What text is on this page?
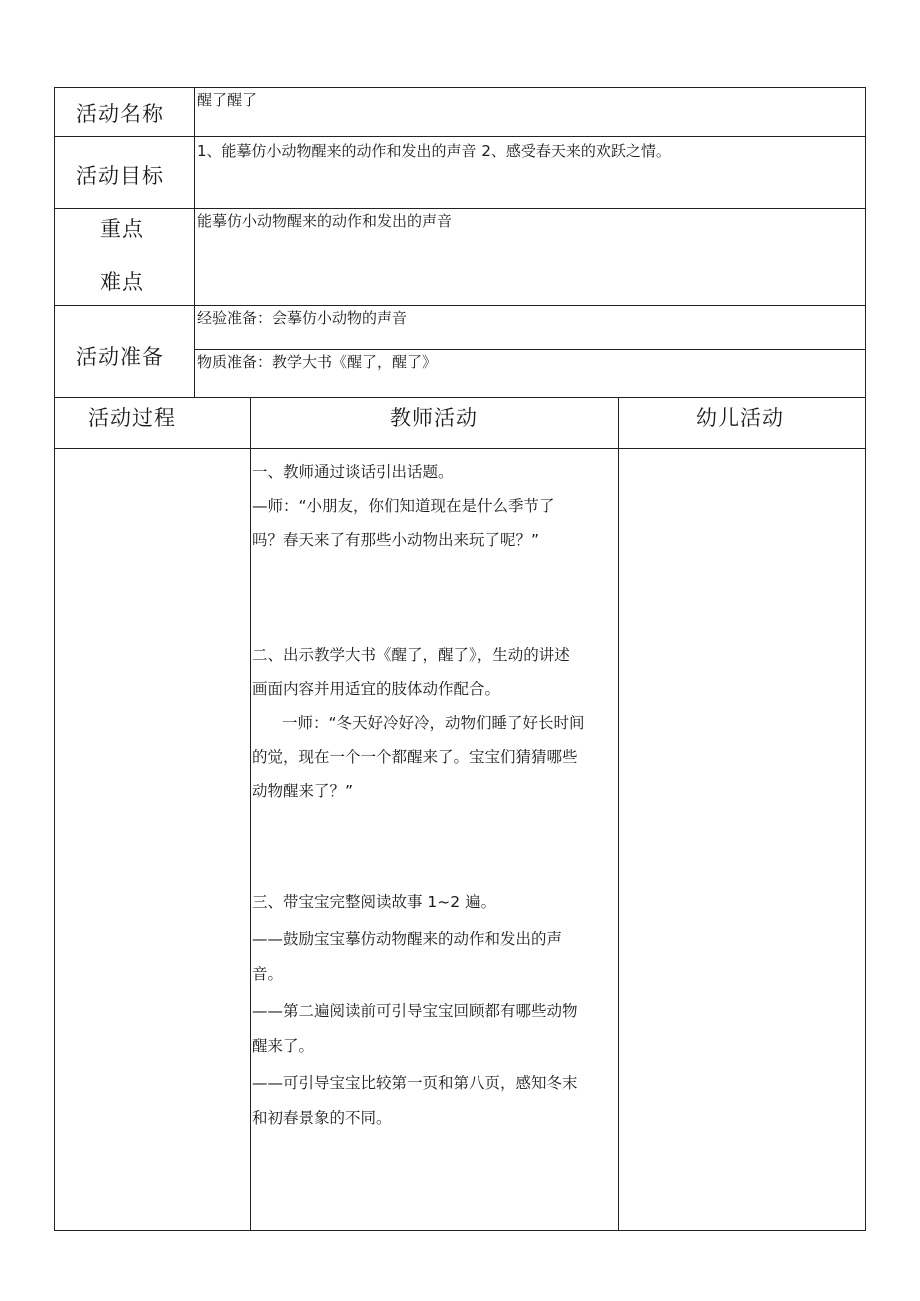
活动名称
醒了醒了
活动目标
1、能摹仿小动物醒来的动作和发出的声音 2、感受春天来的欢跃之情。
重点
难点
能摹仿小动物醒来的动作和发出的声音
活动准备
经验准备：会摹仿小动物的声音
物质准备：教学大书《醒了，醒了》
活动过程	教师活动	幼儿活动
一、教师通过谈话引出话题。
—师：“小朋友，你们知道现在是什么季节了
吗？春天来了有那些小动物出来玩了呢？”
二、出示教学大书《醒了，醒了》，生动的讲述
画面内容并用适宜的肢体动作配合。
一师：“冬天好冷好冷，动物们睡了好长时间
的觉，现在一个一个都醒来了。宝宝们猜猜哪些
动物醒来了？”
三、带宝宝完整阅读故事 1~2 遍。
——鼓励宝宝摹仿动物醒来的动作和发出的声
音。
——第二遍阅读前可引导宝宝回顾都有哪些动物
醒来了。
——可引导宝宝比较第一页和第八页，感知冬末
和初春景象的不同。
